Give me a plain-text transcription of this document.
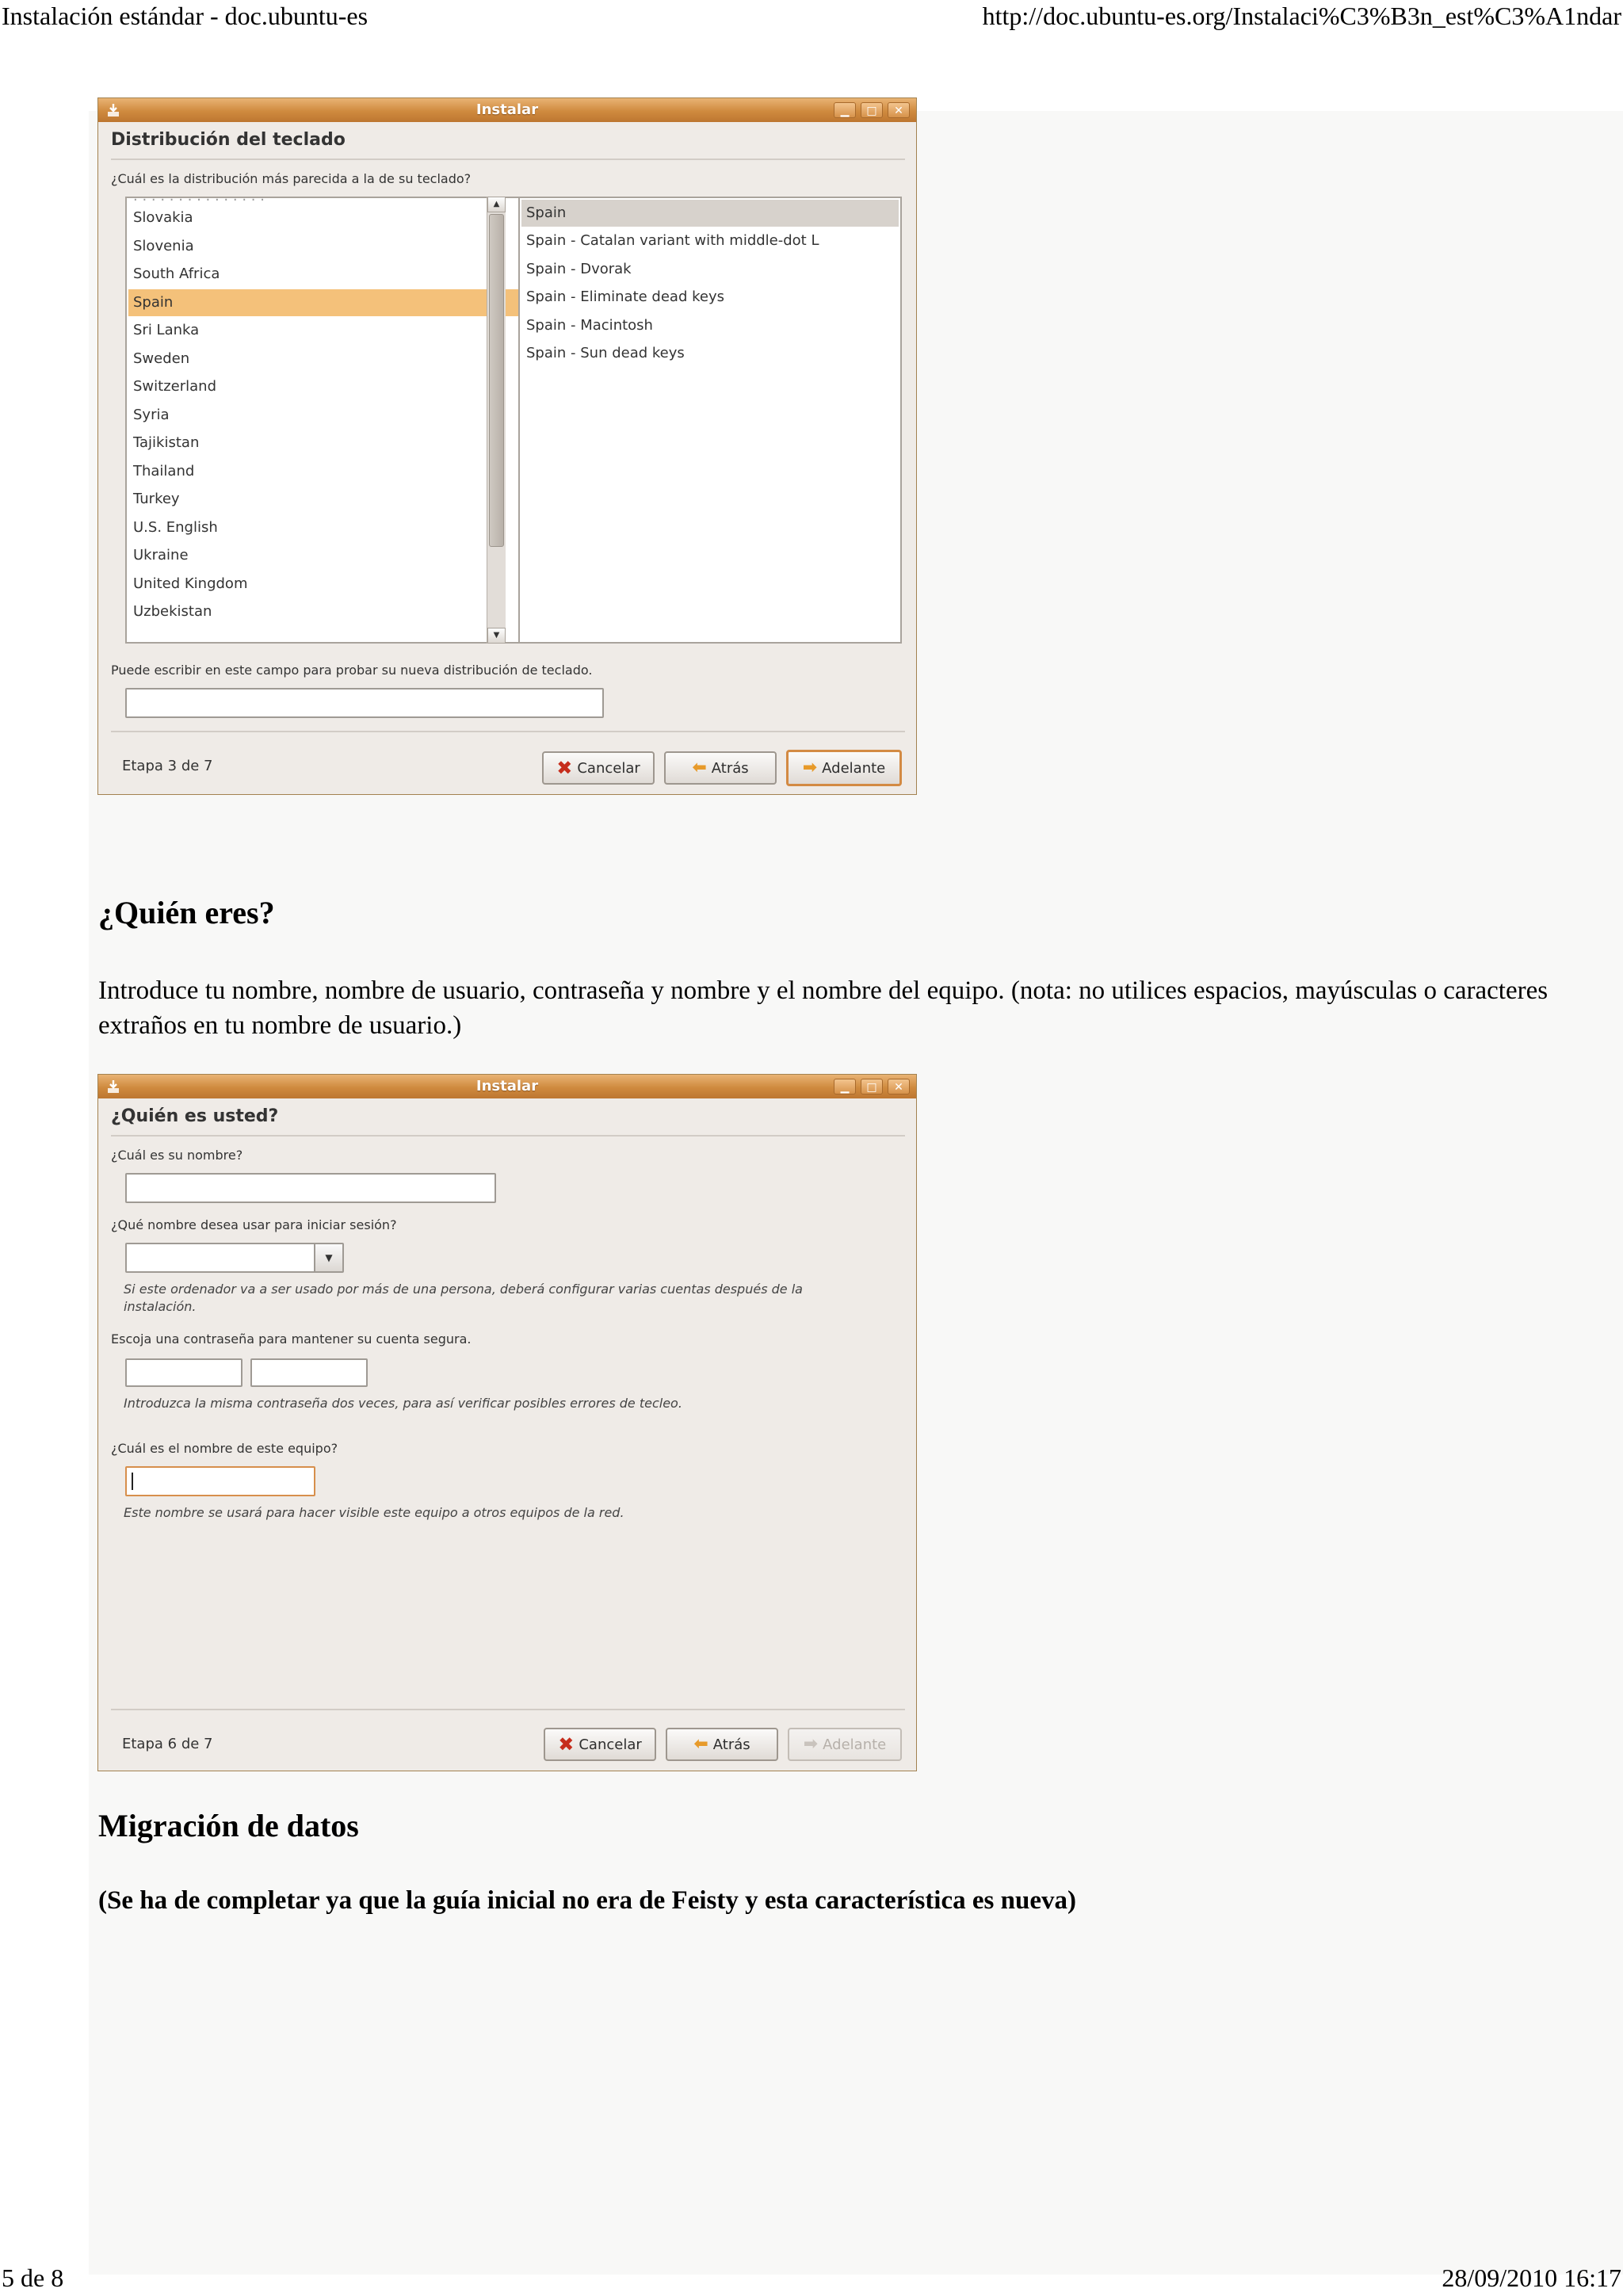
Instalación estándar - doc.ubuntu-es	http://doc.ubuntu-es.org/Instalaci%C3%B3n_est%C3%A1ndar
5 de 8	28/09/2010 16:17
Instalar	▁	□	✕
Distribución del teclado
¿Cuál es la distribución más parecida a la de su teclado?
· · · · · · · · · · · · · · ·
Slovakia
Slovenia
South Africa
Spain
Sri Lanka
Sweden
Switzerland
Syria
Tajikistan
Thailand
Turkey
U.S. English
Ukraine
United Kingdom
Uzbekistan
▲
▼
Spain
Spain - Catalan variant with middle-dot L
Spain - Dvorak
Spain - Eliminate dead keys
Spain - Macintosh
Spain - Sun dead keys
Puede escribir en este campo para probar su nueva distribución de teclado.
Etapa 3 de 7	✖ Cancelar	⬅ Atrás	➡ Adelante
¿Quién eres?
Introduce tu nombre, nombre de usuario, contraseña y nombre y el nombre del equipo. (nota: no utilices espacios, mayúsculas o caracteres extraños en tu nombre de usuario.)
Instalar	▁	□	✕
¿Quién es usted?
¿Cuál es su nombre?
¿Qué nombre desea usar para iniciar sesión?
▼
Si este ordenador va a ser usado por más de una persona, deberá configurar varias cuentas después de la instalación.
Escoja una contraseña para mantener su cuenta segura.
Introduzca la misma contraseña dos veces, para así verificar posibles errores de tecleo.
¿Cuál es el nombre de este equipo?
Este nombre se usará para hacer visible este equipo a otros equipos de la red.
Etapa 6 de 7	✖ Cancelar	⬅ Atrás	➡ Adelante
Migración de datos
(Se ha de completar ya que la guía inicial no era de Feisty y esta característica es nueva)
